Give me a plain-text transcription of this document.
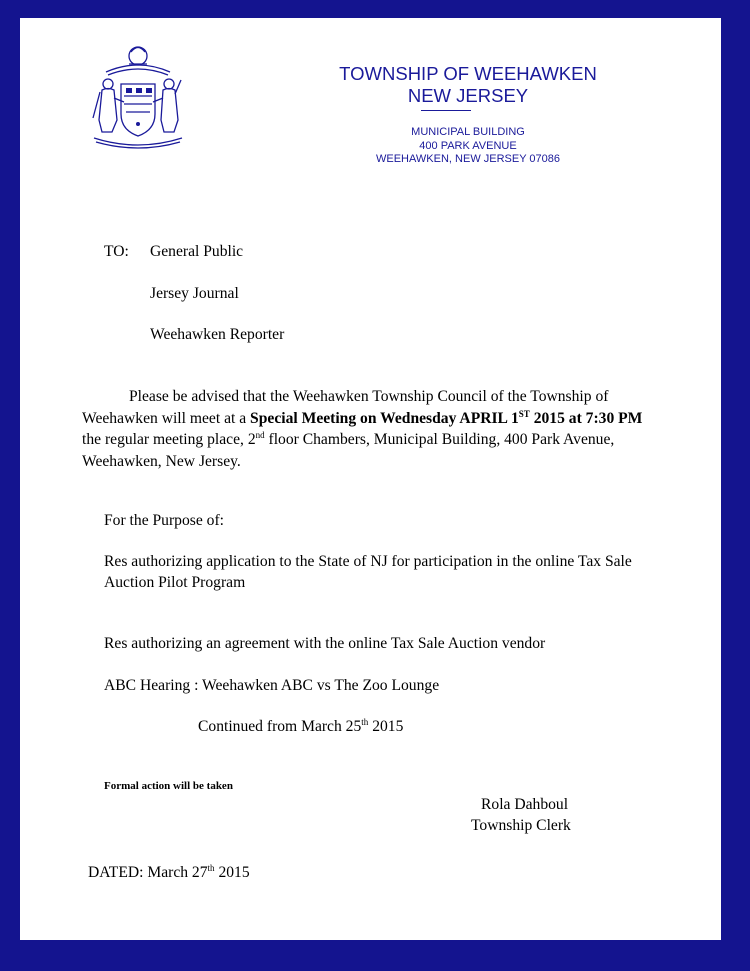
TOWNSHIP OF WEEHAWKEN
NEW JERSEY
MUNICIPAL BUILDING
400 PARK AVENUE
WEEHAWKEN, NEW JERSEY 07086
TO: General Public
Jersey Journal
Weehawken Reporter
Please be advised that the Weehawken Township Council of the Township of Weehawken will meet at a Special Meeting on Wednesday APRIL 1ST 2015 at 7:30 PM the regular meeting place, 2nd floor Chambers, Municipal Building, 400 Park Avenue, Weehawken, New Jersey.
For the Purpose of:
Res authorizing application to the State of NJ for participation in the online Tax Sale
Auction Pilot Program
Res authorizing an agreement with the online Tax Sale Auction vendor
ABC Hearing : Weehawken ABC vs The Zoo Lounge
Continued from March 25th 2015
Formal action will be taken
Rola Dahboul
Township Clerk
DATED: March 27th 2015
